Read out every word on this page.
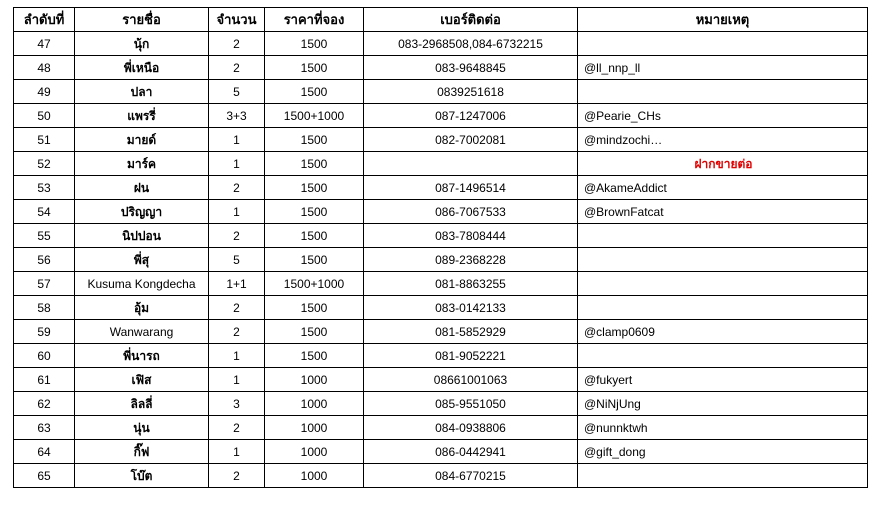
ลำดับที่	รายชื่อ	จำนวน	ราคาที่จอง	เบอร์ติดต่อ	หมายเหตุ
47	นุ้ก	2	1500	083-2968508,084-6732215	
48	พี่เหนือ	2	1500	083-9648845	@ll_nnp_ll
49	ปลา	5	1500	0839251618	
50	แพรรี่	3+3	1500+1000	087-1247006	@Pearie_CHs
51	มายด์	1	1500	082-7002081	@mindzochi…
52	มาร์ค	1	1500		ฝากขายต่อ
53	ฝน	2	1500	087-1496514	@AkameAddict
54	ปริญญา	1	1500	086-7067533	@BrownFatcat
55	นิปปอน	2	1500	083-7808444	
56	พี่สุ	5	1500	089-2368228	
57	Kusuma Kongdecha	1+1	1500+1000	081-8863255	
58	อุ้ม	2	1500	083-0142133	
59	Wanwarang	2	1500	081-5852929	@clamp0609
60	พี่นารถ	1	1500	081-9052221	
61	เฟิส	1	1000	08661001063	@fukyert
62	ลิลลี่	3	1000	085-9551050	@NiNjUng
63	นุ่น	2	1000	084-0938806	@nunnktwh
64	กิ๊ฟ	1	1000	086-0442941	@gift_dong
65	โบ๊ต	2	1000	084-6770215	
